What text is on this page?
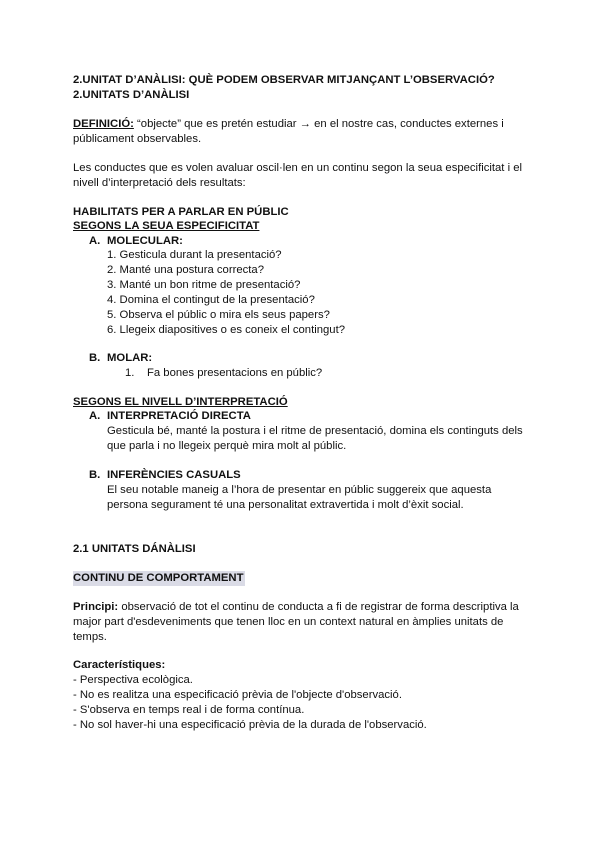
2.UNITAT D’ANÀLISI: QUÈ PODEM OBSERVAR MITJANÇANT L’OBSERVACIÓ?
2.UNITATS D’ANÀLISI
DEFINICIÓ: “objecte” que es pretén estudiar → en el nostre cas, conductes externes i
públicament observables.
Les conductes que es volen avaluar oscil·len en un continu segon la seua especificitat i el
nivell d’interpretació dels resultats:
HABILITATS PER A PARLAR EN PÚBLIC
SEGONS LA SEUA ESPECIFICITAT
A. MOLECULAR:
1. Gesticula durant la presentació?
2. Manté una postura correcta?
3. Manté un bon ritme de presentació?
4. Domina el contingut de la presentació?
5. Observa el públic o mira els seus papers?
6. Llegeix diapositives o es coneix el contingut?
B. MOLAR:
1.    Fa bones presentacions en públic?
SEGONS EL NIVELL D’INTERPRETACIÓ
A. INTERPRETACIÓ DIRECTA
Gesticula bé, manté la postura i el ritme de presentació, domina els continguts dels
que parla i no llegeix perquè mira molt al públic.
B. INFERÈNCIES CASUALS
El seu notable maneig a l’hora de presentar en públic suggereix que aquesta
persona segurament té una personalitat extravertida i molt d’èxit social.
2.1 UNITATS DÁNÀLISI
CONTINU DE COMPORTAMENT
Principi: observació de tot el continu de conducta a fi de registrar de forma descriptiva la
major part d'esdeveniments que tenen lloc en un context natural en àmplies unitats de
temps.
Característiques:
- Perspectiva ecològica.
- No es realitza una especificació prèvia de l'objecte d'observació.
- S'observa en temps real i de forma contínua.
- No sol haver-hi una especificació prèvia de la durada de l'observació.
